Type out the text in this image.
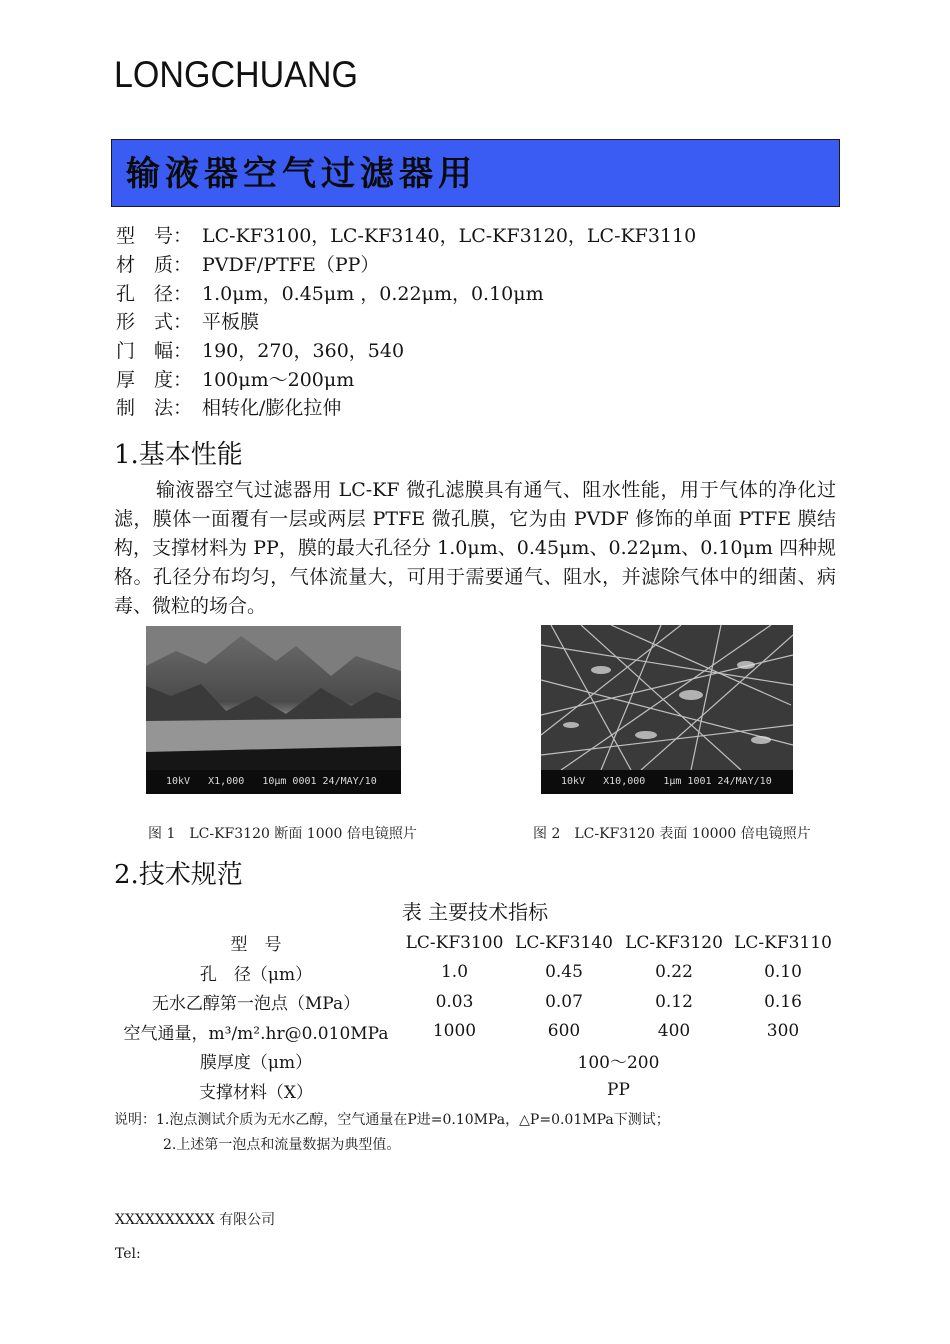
LONGCHUANG
输液器空气过滤器用
型　号： LC-KF3100，LC-KF3140，LC-KF3120，LC-KF3110
材　质： PVDF/PTFE（PP）
孔　径： 1.0μm，0.45μm ，0.22μm，0.10μm
形　式： 平板膜
门　幅： 190，270，360，540
厚　度： 100μm～200μm
制　法： 相转化/膨化拉伸
1.基本性能
输液器空气过滤器用 LC-KF 微孔滤膜具有通气、阻水性能，用于气体的净化过滤，膜体一面覆有一层或两层 PTFE 微孔膜，它为由 PVDF 修饰的单面 PTFE 膜结构，支撑材料为 PP，膜的最大孔径分 1.0μm、0.45μm、0.22μm、0.10μm 四种规格。孔径分布均匀，气体流量大，可用于需要通气、阻水，并滤除气体中的细菌、病毒、微粒的场合。
10kV   X1,000   10μm 0001 24/MAY/10	10kV   X10,000   1μm 1001 24/MAY/10
图 1　LC-KF3120 断面 1000 倍电镜照片	图 2　LC-KF3120 表面 10000 倍电镜照片
2.技术规范
表 主要技术指标
型　号	LC-KF3100	LC-KF3140	LC-KF3120	LC-KF3110
孔　径（μm）	1.0	0.45	0.22	0.10
无水乙醇第一泡点（MPa）	0.03	0.07	0.12	0.16
空气通量，m³/m².hr@0.010MPa	1000	600	400	300
膜厚度（μm）	100～200			
支撑材料（X）	PP			
说明：1.泡点测试介质为无水乙醇，空气通量在P进=0.10MPa，△P=0.01MPa下测试；
2.上述第一泡点和流量数据为典型值。
XXXXXXXXXX 有限公司
Tel:
